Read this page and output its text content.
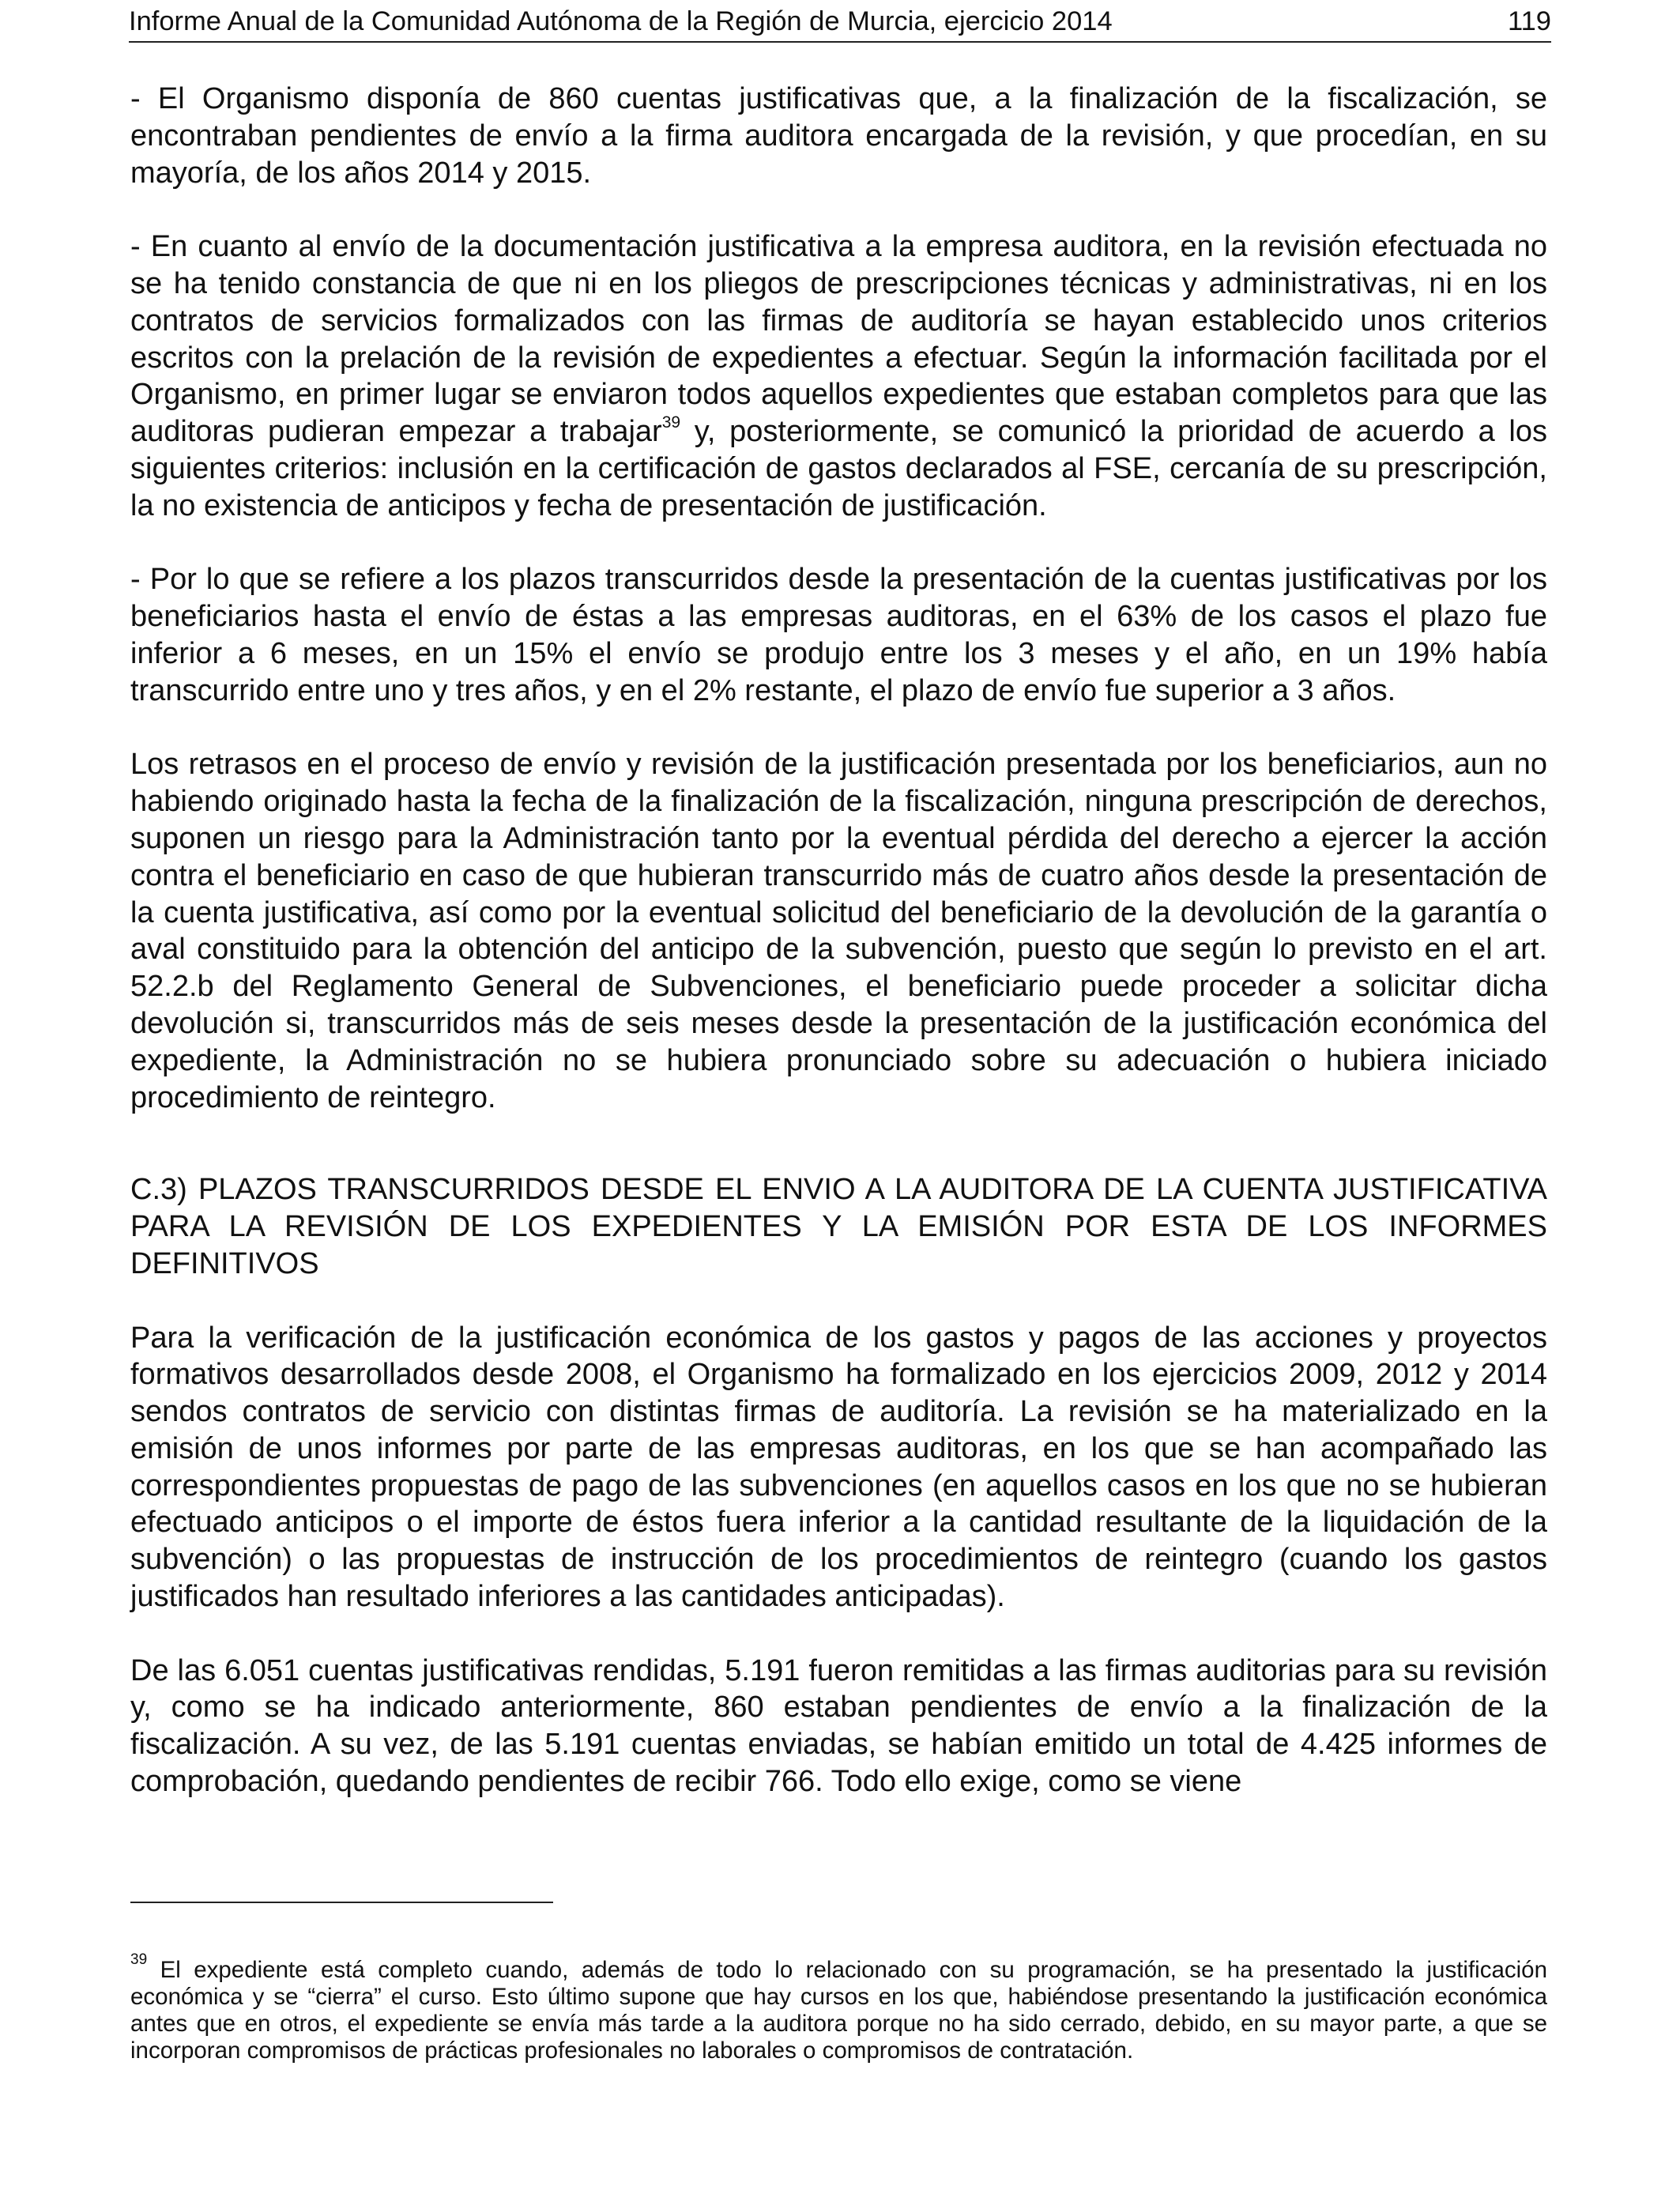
Informe Anual de la Comunidad Autónoma de la Región de Murcia, ejercicio 2014	119

- El Organismo disponía de 860 cuentas justificativas que, a la finalización de la fiscalización, se encontraban pendientes de envío a la firma auditora encargada de la revisión, y que procedían, en su mayoría, de los años 2014 y 2015.

- En cuanto al envío de la documentación justificativa a la empresa auditora, en la revisión efectuada no se ha tenido constancia de que ni en los pliegos de prescripciones técnicas y administrativas, ni en los contratos de servicios formalizados con las firmas de auditoría se hayan establecido unos criterios escritos con la prelación de la revisión de expedientes a efectuar. Según la información facilitada por el Organismo, en primer lugar se enviaron todos aquellos expedientes que estaban completos para que las auditoras pudieran empezar a trabajar$^{39}$ y, posteriormente, se comunicó la prioridad de acuerdo a los siguientes criterios: inclusión en la certificación de gastos declarados al FSE, cercanía de su prescripción, la no existencia de anticipos y fecha de presentación de justificación.

- Por lo que se refiere a los plazos transcurridos desde la presentación de la cuentas justificativas por los beneficiarios hasta el envío de éstas a las empresas auditoras, en el 63% de los casos el plazo fue inferior a 6 meses, en un 15% el envío se produjo entre los 3 meses y el año, en un 19% había transcurrido entre uno y tres años, y en el 2% restante, el plazo de envío fue superior a 3 años.

Los retrasos en el proceso de envío y revisión de la justificación presentada por los beneficiarios, aun no habiendo originado hasta la fecha de la finalización de la fiscalización, ninguna prescripción de derechos, suponen un riesgo para la Administración tanto por la eventual pérdida del derecho a ejercer la acción contra el beneficiario en caso de que hubieran transcurrido más de cuatro años desde la presentación de la cuenta justificativa, así como por la eventual solicitud del beneficiario de la devolución de la garantía o aval constituido para la obtención del anticipo de la subvención, puesto que según lo previsto en el art. 52.2.b del Reglamento General de Subvenciones, el beneficiario puede proceder a solicitar dicha devolución si, transcurridos más de seis meses desde la presentación de la justificación económica del expediente, la Administración no se hubiera pronunciado sobre su adecuación o hubiera iniciado procedimiento de reintegro.

C.3) PLAZOS TRANSCURRIDOS DESDE EL ENVIO A LA AUDITORA DE LA CUENTA JUSTIFICATIVA PARA LA REVISIÓN DE LOS EXPEDIENTES Y LA EMISIÓN POR ESTA DE LOS INFORMES DEFINITIVOS

Para la verificación de la justificación económica de los gastos y pagos de las acciones y proyectos formativos desarrollados desde 2008, el Organismo ha formalizado en los ejercicios 2009, 2012 y 2014 sendos contratos de servicio con distintas firmas de auditoría. La revisión se ha materializado en la emisión de unos informes por parte de las empresas auditoras, en los que se han acompañado las correspondientes propuestas de pago de las subvenciones (en aquellos casos en los que no se hubieran efectuado anticipos o el importe de éstos fuera inferior a la cantidad resultante de la liquidación de la subvención) o las propuestas de instrucción de los procedimientos de reintegro (cuando los gastos justificados han resultado inferiores a las cantidades anticipadas).

De las 6.051 cuentas justificativas rendidas, 5.191 fueron remitidas a las firmas auditorias para su revisión y, como se ha indicado anteriormente, 860 estaban pendientes de envío a la finalización de la fiscalización. A su vez, de las 5.191 cuentas enviadas, se habían emitido un total de 4.425 informes de comprobación, quedando pendientes de recibir 766. Todo ello exige, como se viene

$^{39}$ El expediente está completo cuando, además de todo lo relacionado con su programación, se ha presentado la justificación económica y se “cierra” el curso. Esto último supone que hay cursos en los que, habiéndose presentando la justificación económica antes que en otros, el expediente se envía más tarde a la auditora porque no ha sido cerrado, debido, en su mayor parte, a que se incorporan compromisos de prácticas profesionales no laborales o compromisos de contratación.
